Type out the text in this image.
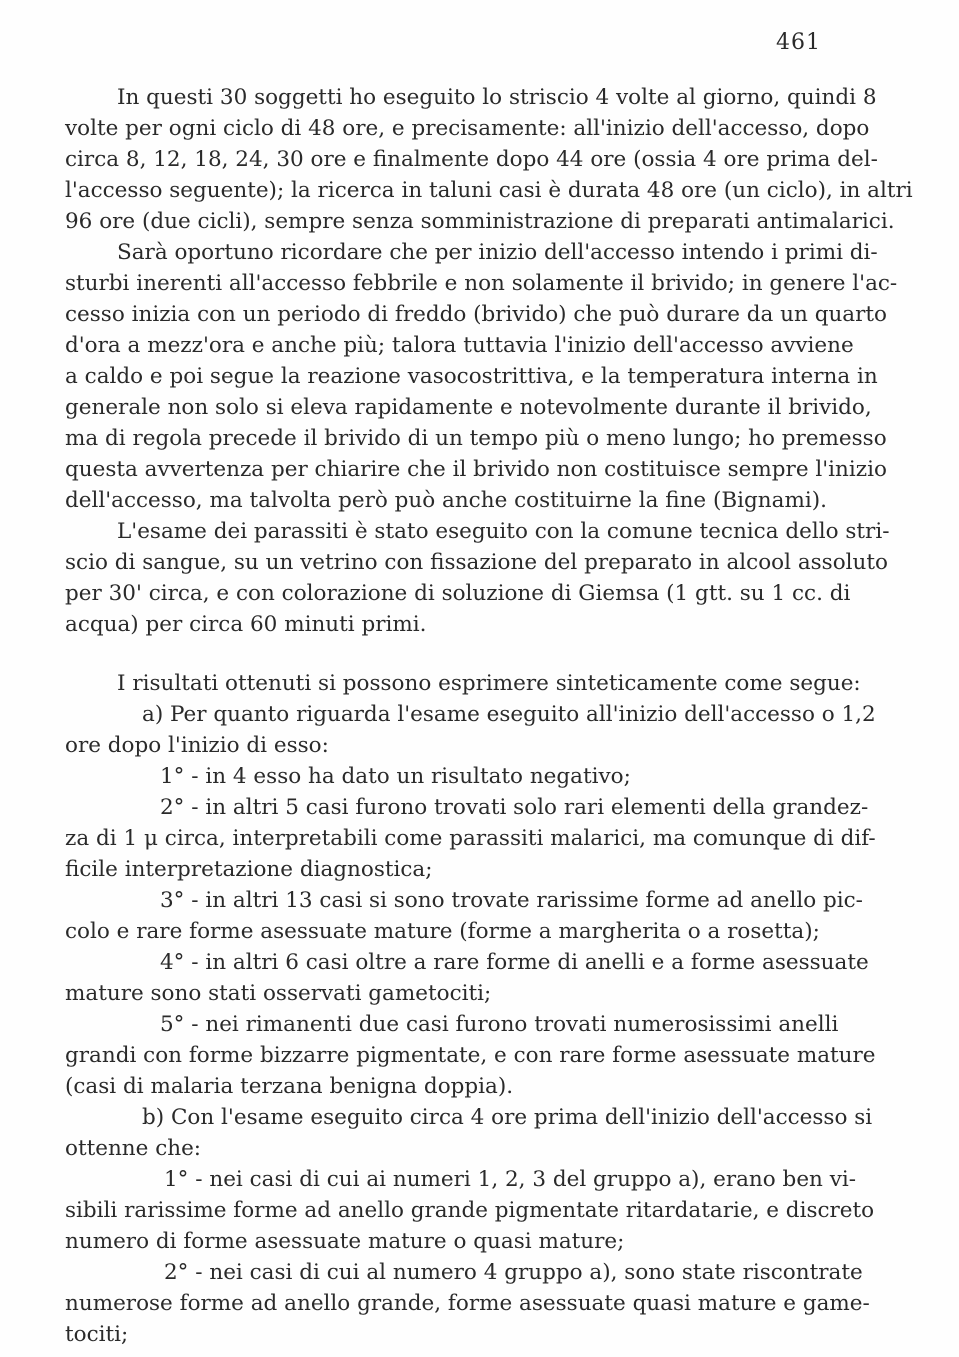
461
In questi 30 soggetti ho eseguito lo striscio 4 volte al giorno, quindi 8
volte per ogni ciclo di 48 ore, e precisamente: all'inizio dell'accesso, dopo
circa 8, 12, 18, 24, 30 ore e finalmente dopo 44 ore (ossia 4 ore prima del-
l'accesso seguente); la ricerca in taluni casi è durata 48 ore (un ciclo), in altri
96 ore (due cicli), sempre senza somministrazione di preparati antimalarici.
Sarà oportuno ricordare che per inizio dell'accesso intendo i primi di-
sturbi inerenti all'accesso febbrile e non solamente il brivido; in genere l'ac-
cesso inizia con un periodo di freddo (brivido) che può durare da un quarto
d'ora a mezz'ora e anche più; talora tuttavia l'inizio dell'accesso avviene
a caldo e poi segue la reazione vasocostrittiva, e la temperatura interna in
generale non solo si eleva rapidamente e notevolmente durante il brivido,
ma di regola precede il brivido di un tempo più o meno lungo; ho premesso
questa avvertenza per chiarire che il brivido non costituisce sempre l'inizio
dell'accesso, ma talvolta però può anche costituirne la fine (Bignami).
L'esame dei parassiti è stato eseguito con la comune tecnica dello stri-
scio di sangue, su un vetrino con fissazione del preparato in alcool assoluto
per 30' circa, e con colorazione di soluzione di Giemsa (1 gtt. su 1 cc. di
acqua) per circa 60 minuti primi.
I risultati ottenuti si possono esprimere sinteticamente come segue:
a) Per quanto riguarda l'esame eseguito all'inizio dell'accesso o 1,2
ore dopo l'inizio di esso:
1° - in 4 esso ha dato un risultato negativo;
2° - in altri 5 casi furono trovati solo rari elementi della grandez-
za di 1 μ circa, interpretabili come parassiti malarici, ma comunque di dif-
ficile interpretazione diagnostica;
3° - in altri 13 casi si sono trovate rarissime forme ad anello pic-
colo e rare forme asessuate mature (forme a margherita o a rosetta);
4° - in altri 6 casi oltre a rare forme di anelli e a forme asessuate
mature sono stati osservati gametociti;
5° - nei rimanenti due casi furono trovati numerosissimi anelli
grandi con forme bizzarre pigmentate, e con rare forme asessuate mature
(casi di malaria terzana benigna doppia).
b) Con l'esame eseguito circa 4 ore prima dell'inizio dell'accesso si
ottenne che:
1° - nei casi di cui ai numeri 1, 2, 3 del gruppo a), erano ben vi-
sibili rarissime forme ad anello grande pigmentate ritardatarie, e discreto
numero di forme asessuate mature o quasi mature;
2° - nei casi di cui al numero 4 gruppo a), sono state riscontrate
numerose forme ad anello grande, forme asessuate quasi mature e game-
tociti;
